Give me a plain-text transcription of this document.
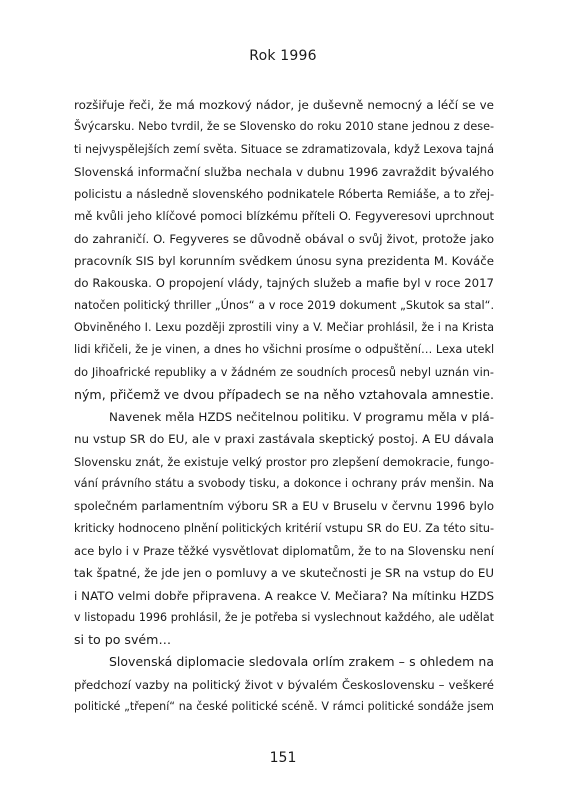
Rok 1996

rozšiřuje řeči, že má mozkový nádor, je duševně nemocný a léčí se ve
Švýcarsku. Nebo tvrdil, že se Slovensko do roku 2010 stane jednou z dese-
ti nejvyspělejších zemí světa. Situace se zdramatizovala, když Lexova tajná
Slovenská informační služba nechala v dubnu 1996 zavraždit bývalého
policistu a následně slovenského podnikatele Róberta Remiáše, a to zřej-
mě kvůli jeho klíčové pomoci blízkému příteli O. Fegyveresovi uprchnout
do zahraničí. O. Fegyveres se důvodně obával o svůj život, protože jako
pracovník SIS byl korunním svědkem únosu syna prezidenta M. Kováče
do Rakouska. O propojení vlády, tajných služeb a mafie byl v roce 2017
natočen politický thriller „Únos“ a v roce 2019 dokument „Skutok sa stal“.
Obviněného I. Lexu později zprostili viny a V. Mečiar prohlásil, že i na Krista
lidi křičeli, že je vinen, a dnes ho všichni prosíme o odpuštění… Lexa utekl
do Jihoafrické republiky a v žádném ze soudních procesů nebyl uznán vin-
ným, přičemž ve dvou případech se na něho vztahovala amnestie.

Navenek měla HZDS nečitelnou politiku. V programu měla v plá-
nu vstup SR do EU, ale v praxi zastávala skeptický postoj. A EU dávala
Slovensku znát, že existuje velký prostor pro zlepšení demokracie, fungo-
vání právního státu a svobody tisku, a dokonce i ochrany práv menšin. Na
společném parlamentním výboru SR a EU v Bruselu v červnu 1996 bylo
kriticky hodnoceno plnění politických kritérií vstupu SR do EU. Za této situ-
ace bylo i v Praze těžké vysvětlovat diplomatům, že to na Slovensku není
tak špatné, že jde jen o pomluvy a ve skutečnosti je SR na vstup do EU
i NATO velmi dobře připravena. A reakce V. Mečiara? Na mítinku HZDS
v listopadu 1996 prohlásil, že je potřeba si vyslechnout každého, ale udělat
si to po svém…

Slovenská diplomacie sledovala orlím zrakem – s ohledem na
předchozí vazby na politický život v bývalém Československu – veškeré
politické „třepení“ na české politické scéně. V rámci politické sondáže jsem

151
